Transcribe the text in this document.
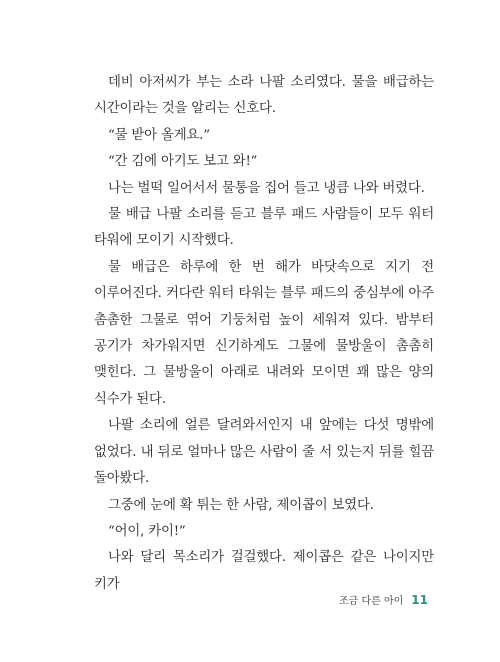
데비 아저씨가 부는 소라 나팔 소리였다. 물을 배급하는 시간이라는 것을 알리는 신호다.

“물 받아 올게요.”

“간 김에 아기도 보고 와!”

나는 벌떡 일어서서 물통을 집어 들고 냉큼 나와 버렸다.

물 배급 나팔 소리를 듣고 블루 패드 사람들이 모두 워터 타워에 모이기 시작했다.

물 배급은 하루에 한 번 해가 바닷속으로 지기 전 이루어진다. 커다란 워터 타워는 블루 패드의 중심부에 아주 촘촘한 그물로 엮어 기둥처럼 높이 세워져 있다. 밤부터 공기가 차가워지면 신기하게도 그물에 물방울이 촘촘히 맺힌다. 그 물방울이 아래로 내려와 모이면 꽤 많은 양의 식수가 된다.

나팔 소리에 얼른 달려와서인지 내 앞에는 다섯 명밖에 없었다. 내 뒤로 얼마나 많은 사람이 줄 서 있는지 뒤를 힐끔 돌아봤다.

그중에 눈에 확 튀는 한 사람, 제이콥이 보였다.

“어이, 카이!”

나와 달리 목소리가 걸걸했다. 제이콥은 같은 나이지만 키가

조금 다른 아이 11
